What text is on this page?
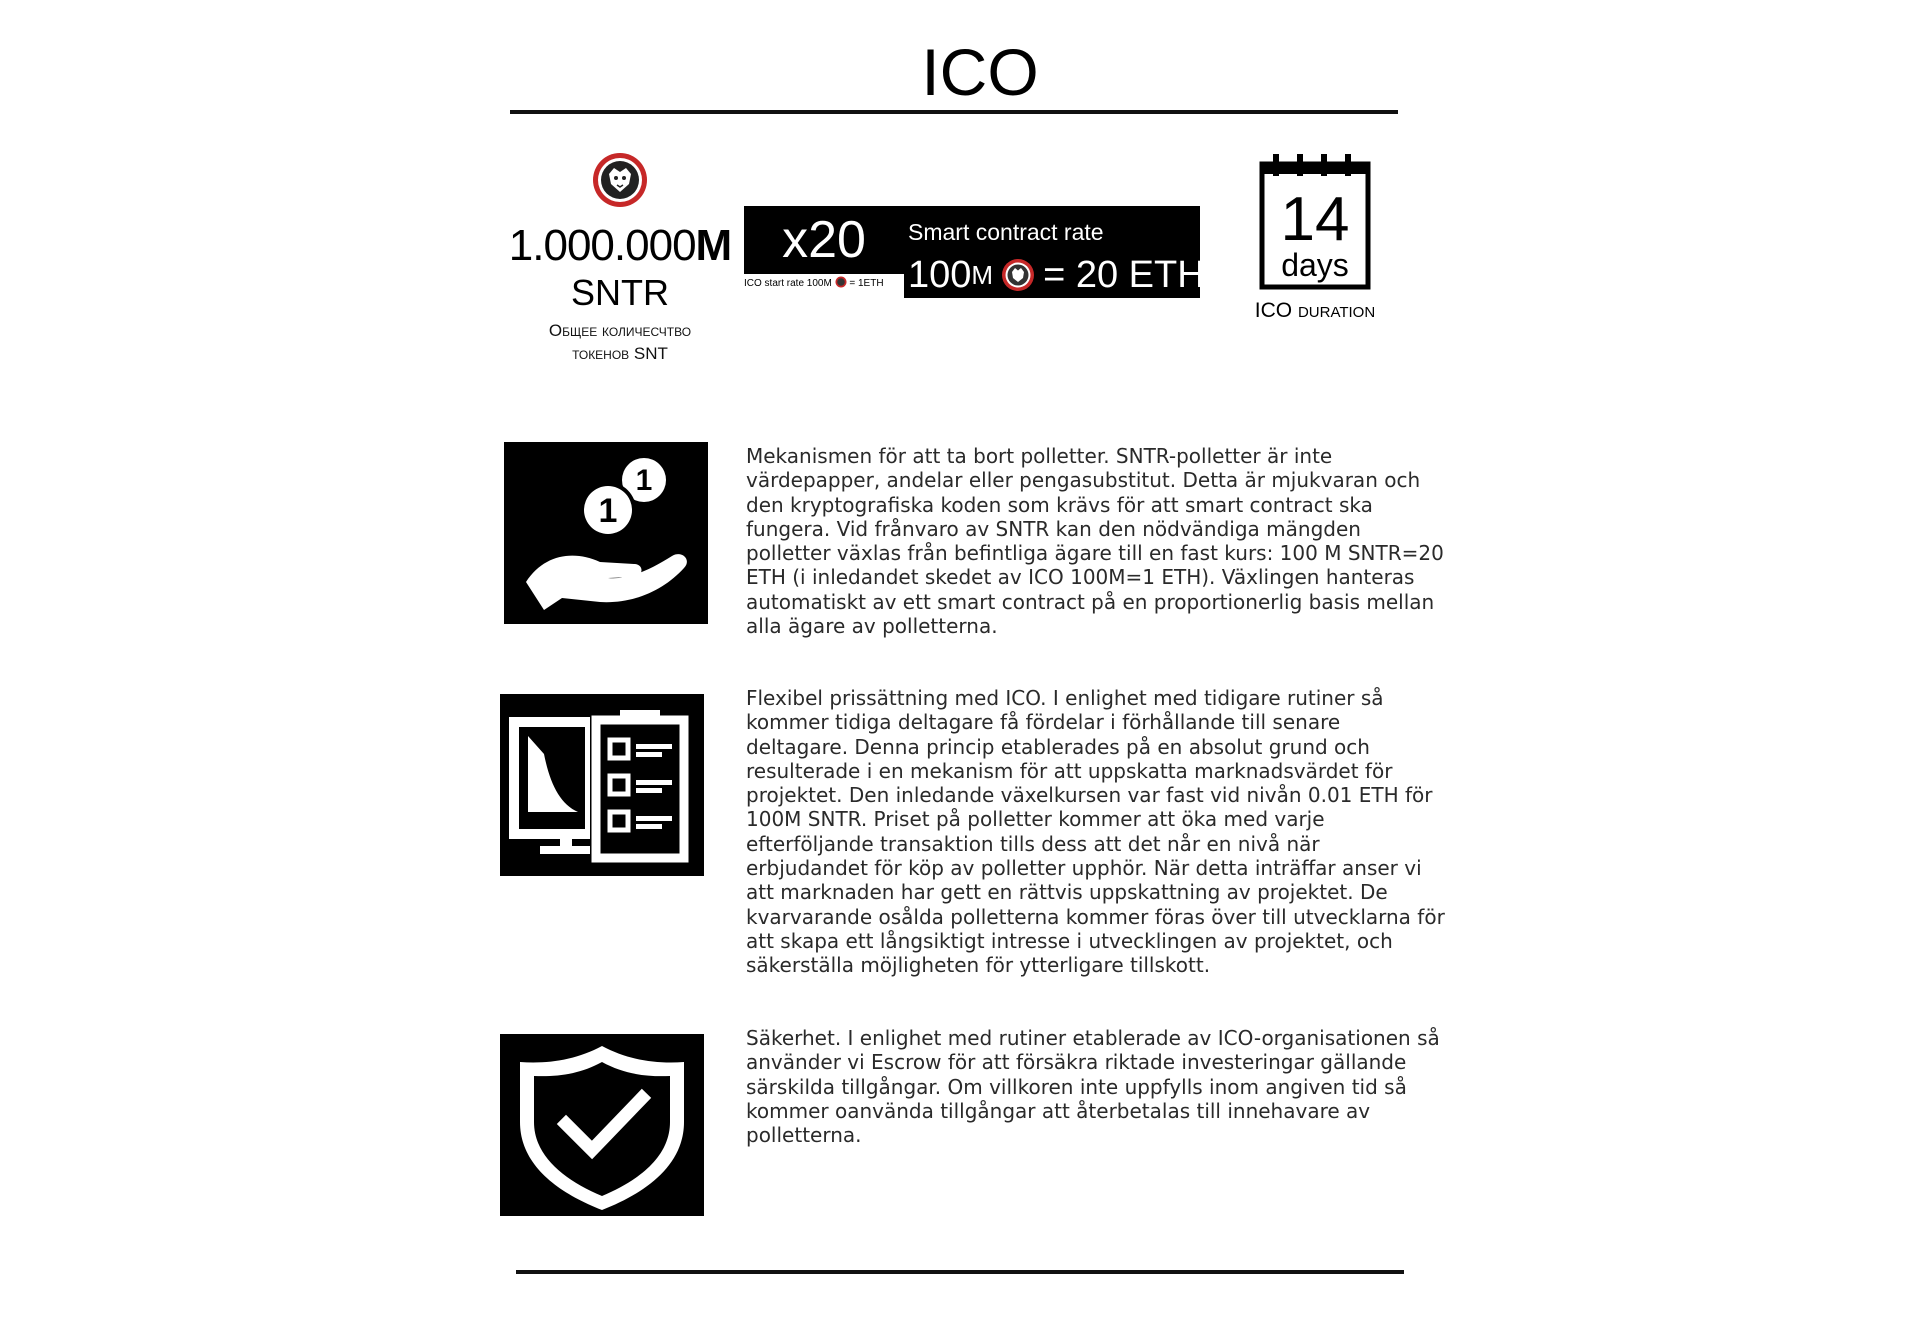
ICO
1.000.000M
SNTR
Общее количесчтво
токенов SNT
x20
ICO start rate 100M = 1ETH
Smart contract rate
100 M = 20 ETH
14
days
ICO duration
1
1
Mekanismen för att ta bort polletter. SNTR-polletter är inte värdepapper, andelar eller pengasubstitut. Detta är mjukvaran och den kryptografiska koden som krävs för att smart contract ska fungera. Vid frånvaro av SNTR kan den nödvändiga mängden polletter växlas från befintliga ägare till en fast kurs: 100 M SNTR=20 ETH (i inledandet skedet av ICO 100M=1 ETH). Växlingen hanteras automatiskt av ett smart contract på en proportionerlig basis mellan alla ägare av polletterna.
Flexibel prissättning med ICO. I enlighet med tidigare rutiner så kommer tidiga deltagare få fördelar i förhållande till senare deltagare. Denna princip etablerades på en absolut grund och resulterade i en mekanism för att uppskatta marknadsvärdet för projektet. Den inledande växelkursen var fast vid nivån 0.01 ETH för 100M SNTR. Priset på polletter kommer att öka med varje efterföljande transaktion tills dess att det når en nivå när erbjudandet för köp av polletter upphör. När detta inträffar anser vi att marknaden har gett en rättvis uppskattning av projektet. De kvarvarande osålda polletterna kommer föras över till utvecklarna för att skapa ett långsiktigt intresse i utvecklingen av projektet, och säkerställa möjligheten för ytterligare tillskott.
Säkerhet. I enlighet med rutiner etablerade av ICO-organisationen så använder vi Escrow för att försäkra riktade investeringar gällande särskilda tillgångar. Om villkoren inte uppfylls inom angiven tid så kommer oanvända tillgångar att återbetalas till innehavare av polletterna.
